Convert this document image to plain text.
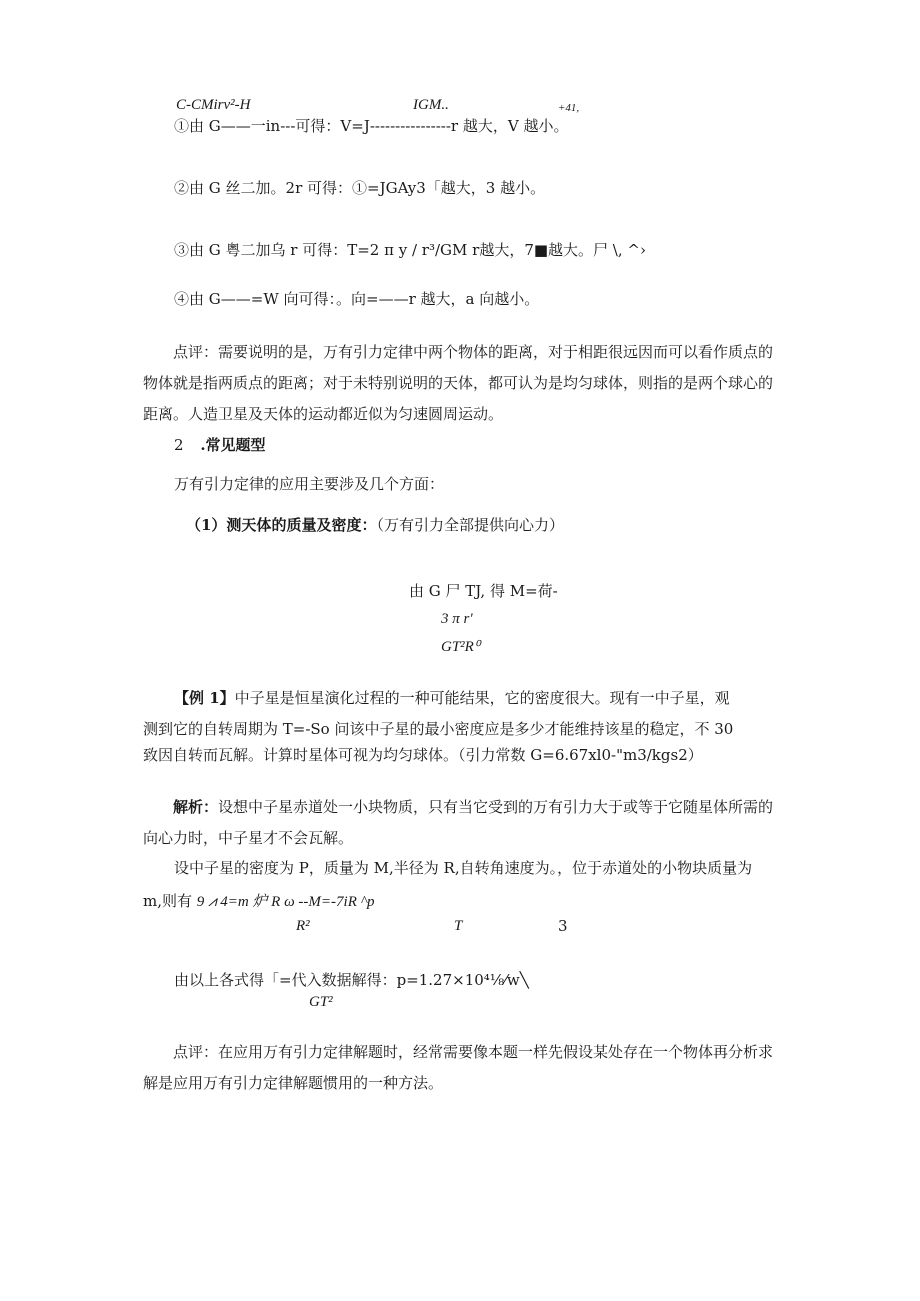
C-CMirv²-H	IGM..	+41,
①由 G——一in---可得：V=J----------------r 越大，V 越小。
②由 G 丝二加。2r 可得：①=JGAy3「越大，3 越小。
③由 G 粤二加乌 r 可得：T=2 π y / r³/GM r越大，7■越大。尸 \, ^›
④由 G——=W 向可得：。向=——r 越大，a 向越小。
点评：需要说明的是，万有引力定律中两个物体的距离，对于相距很远因而可以看作质点的物体就是指两质点的距离；对于未特别说明的天体，都可认为是均匀球体，则指的是两个球心的距离。人造卫星及天体的运动都近似为匀速圆周运动。
2 .常见题型
万有引力定律的应用主要涉及几个方面：
（1）测天体的质量及密度：（万有引力全部提供向心力）
由 G 尸 TJ, 得 M=荷-
3 π r'
GT²R⁰
【例 1】中子星是恒星演化过程的一种可能结果，它的密度很大。现有一中子星，观
测到它的自转周期为 T=-So 问该中子星的最小密度应是多少才能维持该星的稳定，不 30
致因自转而瓦解。计算时星体可视为均匀球体。（引力常数 G=6.67xl0-"m3/kgs2）
解析：设想中子星赤道处一小块物质，只有当它受到的万有引力大于或等于它随星体所需的向心力时，中子星才不会瓦解。
设中子星的密度为 P，质量为 M,半径为 R,自转角速度为。，位于赤道处的小物块质量为
m,则有 9 ⩘ 4=m 炉 R ω --M=-7iR ^p
R²	T	3
由以上各式得「=代入数据解得：p=1.27×10⁴⅛⁄w╲
GT²
点评：在应用万有引力定律解题时，经常需要像本题一样先假设某处存在一个物体再分析求解是应用万有引力定律解题惯用的一种方法。
